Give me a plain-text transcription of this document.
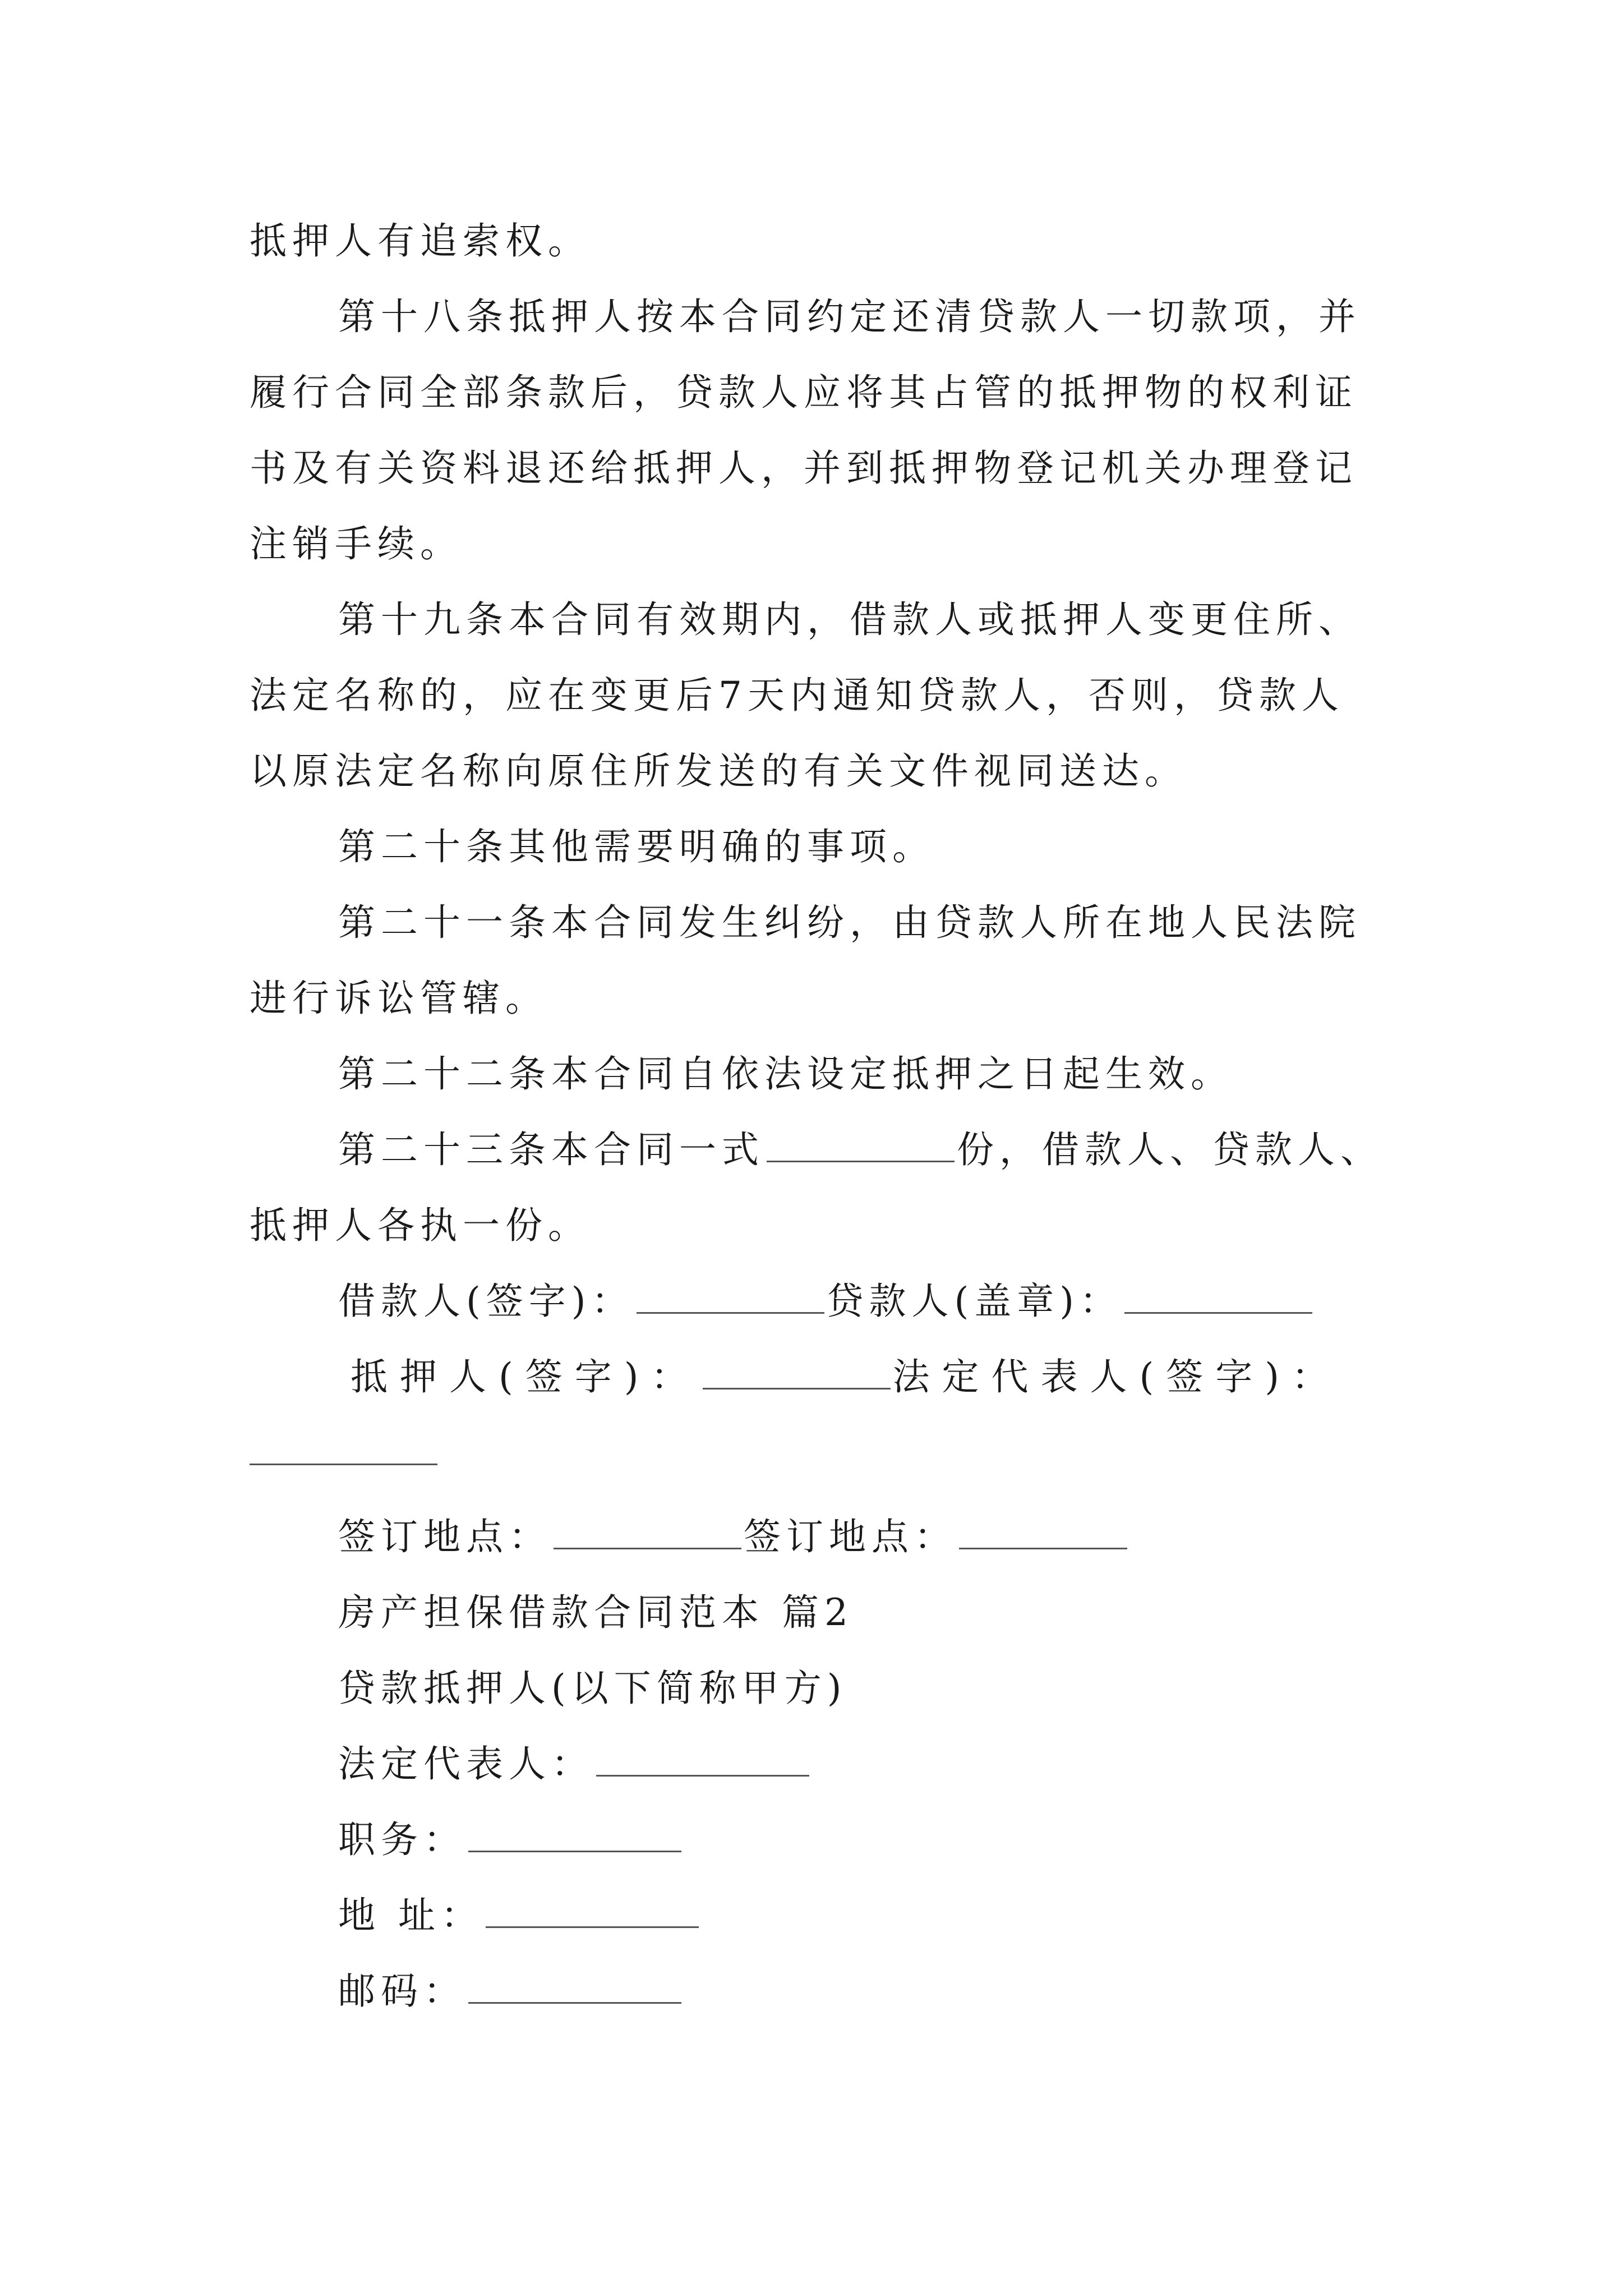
抵押人有追索权。
第十八条抵押人按本合同约定还清贷款人一切款项，并
履行合同全部条款后，贷款人应将其占管的抵押物的权利证
书及有关资料退还给抵押人，并到抵押物登记机关办理登记
注销手续。
第十九条本合同有效期内，借款人或抵押人变更住所、
法定名称的，应在变更后7天内通知贷款人，否则，贷款人
以原法定名称向原住所发送的有关文件视同送达。
第二十条其他需要明确的事项。
第二十一条本合同发生纠纷，由贷款人所在地人民法院
进行诉讼管辖。
第二十二条本合同自依法设定抵押之日起生效。
第二十三条本合同一式	份，借款人、贷款人、
抵押人各执一份。
借款人(签字)：	贷款人(盖章)：
抵押人(签字)：	法定代表人(签字)：
签订地点：	签订地点：
房产担保借款合同范本 篇2
贷款抵押人(以下简称甲方)
法定代表人：
职务：
地 址：
邮码：
